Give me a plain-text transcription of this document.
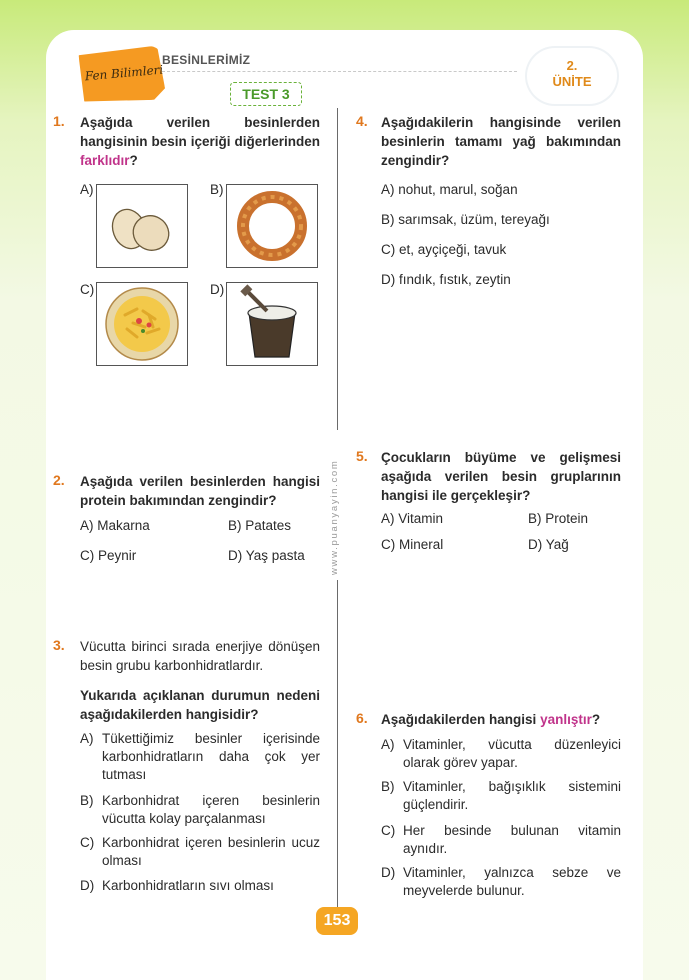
Fen Bilimleri
BESİNLERİMİZ
TEST 3
2.
ÜNİTE
www.puanyayin.com
1. Aşağıda verilen besinlerden hangisinin besin içeriği diğerlerinden farklıdır?
A)	B)
C)	D)
2. Aşağıda verilen besinlerden hangisi protein bakımından zengindir?
A) Makarna	B) Patates
C) Peynir	D) Yaş pasta
3. Vücutta birinci sırada enerjiye dönüşen besin grubu karbonhidratlardır.
Yukarıda açıklanan durumun nedeni aşağıdakilerden hangisidir?
A) Tükettiğimiz besinler içerisinde karbonhidratların daha çok yer tutması
B) Karbonhidrat içeren besinlerin vücutta kolay parçalanması
C) Karbonhidrat içeren besinlerin ucuz olması
D) Karbonhidratların sıvı olması
4. Aşağıdakilerin hangisinde verilen besinlerin tamamı yağ bakımından zengindir?
A) nohut, marul, soğan
B) sarımsak, üzüm, tereyağı
C) et, ayçiçeği, tavuk
D) fındık, fıstık, zeytin
5. Çocukların büyüme ve gelişmesi aşağıda verilen besin gruplarının hangisi ile gerçekleşir?
A) Vitamin	B) Protein
C) Mineral	D) Yağ
6. Aşağıdakilerden hangisi yanlıştır?
A) Vitaminler, vücutta düzenleyici olarak görev yapar.
B) Vitaminler, bağışıklık sistemini güçlendirir.
C) Her besinde bulunan vitamin aynıdır.
D) Vitaminler, yalnızca sebze ve meyvelerde bulunur.
153
